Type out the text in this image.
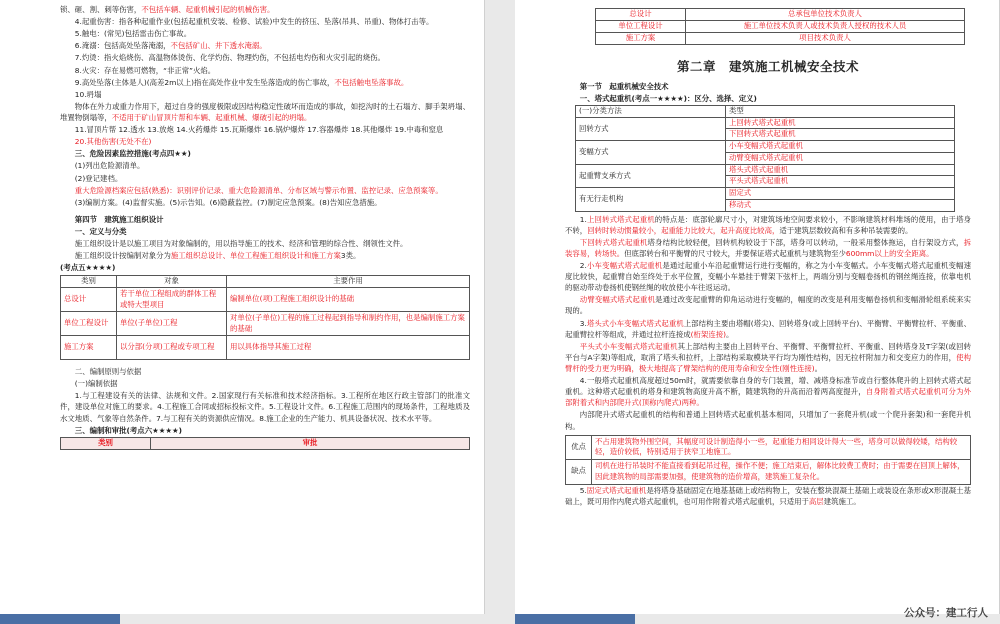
锁、砸、割、刺等伤害，不包括车辆、起重机械引起的机械伤害。

4.起重伤害：指各种起重作业(包括起重机安装、检修、试验)中发生的挤压、坠落(吊具、吊重)、物体打击等。

5.触电：(常见)包括雷击伤亡事故。

6.淹溺：包括高处坠落淹溺，不包括矿山、井下透水淹溺。

7.灼烫：指火焰烧伤、高温物体烫伤、化学灼伤、物理灼伤，不包括电灼伤和火灾引起的烧伤。

8.火灾：存在易燃可燃物，“非正常”火焰。

9.高处坠落(主体是人)(高差2m以上)指在高处作业中发生坠落造成的伤亡事故，不包括触电坠落事故。

10.坍塌

物体在外力或重力作用下，超过自身的强度极限或因结构稳定性破坏而造成的事故，如挖沟时的土石塌方、脚手架坍塌、堆置物倒塌等，不适用于矿山冒顶片帮和车辆、起重机械、爆破引起的坍塌。

11.冒顶片帮 12.透水 13.放炮 14.火药爆炸 15.瓦斯爆炸 16.锅炉爆炸 17.容器爆炸 18.其他爆炸 19.中毒和窒息

20.其他伤害(无处不在)

三、危险因素监控措施(考点四★★)

(1)列出危险源清单。

(2)登记建档。

重大危险源档案应包括(熟悉)：识别评价记录、重大危险源清单、分布区域与警示布置、监控记录、应急预案等。

(3)编制方案。(4)监督实施。(5)示告知。(6)隐蔽监控。(7)制定应急预案。(8)告知应急措施。

第四节　建筑施工组织设计

一、定义与分类

施工组织设计是以施工项目为对象编制的，用以指导施工的技术、经济和管理的综合性、纲领性文件。

施工组织设计按编制对象分为施工组织总设计、单位工程施工组织设计和施工方案3类。

(考点五★★★★)

类别	对象	主要作用
总设计	若干单位工程组成的群体工程或特大型项目	编制单位(项)工程施工组织设计的基础
单位工程设计	单位(子单位)工程	对单位(子单位)工程的施工过程起到指导和制约作用，也是编制施工方案的基础
施工方案	以分部(分项)工程或专项工程	用以具体指导其施工过程

二、编制原则与依据

(一)编制依据

1.与工程建设有关的法律、法规和文件。2.国家现行有关标准和技术经济指标。3.工程所在地区行政主管部门的批准文件，建设单位对施工的要求。4.工程施工合同或招标投标文件。5.工程设计文件。6.工程施工范围内的现场条件，工程地质及水文地质、气象等自然条件。7.与工程有关的资源供应情况。8.施工企业的生产能力、机具设备状况、技术水平等。

三、编制和审批(考点六★★★★)

类别	审批
总设计	总承包单位技术负责人
单位工程设计	施工单位技术负责人或技术负责人授权的技术人员
施工方案	项目技术负责人
第二章　建筑施工机械安全技术

第一节　起重机械安全技术

一、塔式起重机(考点一★★★★)：区分、选择、定义)

(一)分类方法	类型
回转方式	上回转式塔式起重机
	下回转式塔式起重机
变幅方式	小车变幅式塔式起重机
	动臂变幅式塔式起重机
起重臂支承方式	塔头式塔式起重机
	平头式塔式起重机
有无行走机构	固定式
	移动式

1.上回转式塔式起重机的特点是：底部轮廓尺寸小，对建筑场地空间要求较小，不影响建筑材料堆场的使用，由于塔身不转，回转时转动惯量较小，起重能力比较大，起升高度比较高，适于建筑层数较高和有多种吊装需要的。

下回转式塔式起重机塔身结构比较轻便，回转机构较设于下部，塔身可以转动，一般采用整体拖运，自行架设方式，拆装容易，转场快。但底部转台和平衡臂的尺寸较大，并要保证塔式起重机与建筑物至少600mm以上的安全距离。

2.小车变幅式塔式起重机是通过起重小车沿起重臂运行进行变幅的，称之为小车变幅式。小车变幅式塔式起重机变幅速度比较快，起重臂自始至终处于水平位置，变幅小车悬挂于臂架下弦杆上，两端分别与变幅卷扬机的钢丝绳连接，依靠电机的驱动带动卷扬机使钢丝绳的收放使小车往返运动。

动臂变幅式塔式起重机是通过改变起重臂的仰角运动进行变幅的，幅度的改变是利用变幅卷扬机和变幅滑轮组系统来实现的。

3.塔头式小车变幅式塔式起重机上部结构主要由塔帽(塔尖)、回转塔身(或上回转平台)、平衡臂、平衡臂拉杆、平衡重、起重臂拉杆等组成，并通过拉杆连接成(桁架连接)。

平头式小车变幅式塔式起重机其上部结构主要由上回转平台、平衡臂、平衡臂拉杆、平衡重、回转塔身及T字架(或回转平台与A字架)等组成，取消了塔头和拉杆，上部结构采取模块平行均为刚性结构，因无拉杆附加力和交变应力的作用，使构臂杆的受力更为明确，极大地提高了臂架结构的使用寿命和安全性(刚性连接)。

4.一般塔式起重机高度超过50m时，就需要依靠自身的专门装置，增、减塔身标准节或自行整体爬升的上回转式塔式起重机。这种塔式起重机的塔身和建筑物高度升高不断，随建筑物的升高而沿着两高度提升，自身附着式塔式起重机可分为外部附着式和内部爬升式(顶称内爬式)两种。

内部爬升式塔式起重机的结构和普通上回转塔式起重机基本相同，只增加了一套爬升机(或一个爬升套架)和一套爬升机构。

优点	不占用建筑物外围空间，其幅度可设计制造得小一些，起重能力相同设计得大一些，塔身可以做得较矮，结构较轻，造价较低，特别适用于狭窄工地施工。
缺点	司机在进行吊装时不能直接看到起吊过程，操作不便；施工结束后，解体比较费工费时；由于需要在回顶上解体，因此建筑物的局部需要加强，使建筑物的造价增高，建筑施工复杂化。

5.固定式塔式起重机是将塔身基础固定在地基基础上或结构物上，安装在整块混凝土基础上或装设在条形或X形混凝土基础上，既可用作内爬式塔式起重机，也可用作附着式塔式起重机，只适用于高层建筑施工。

公众号：建工行人
